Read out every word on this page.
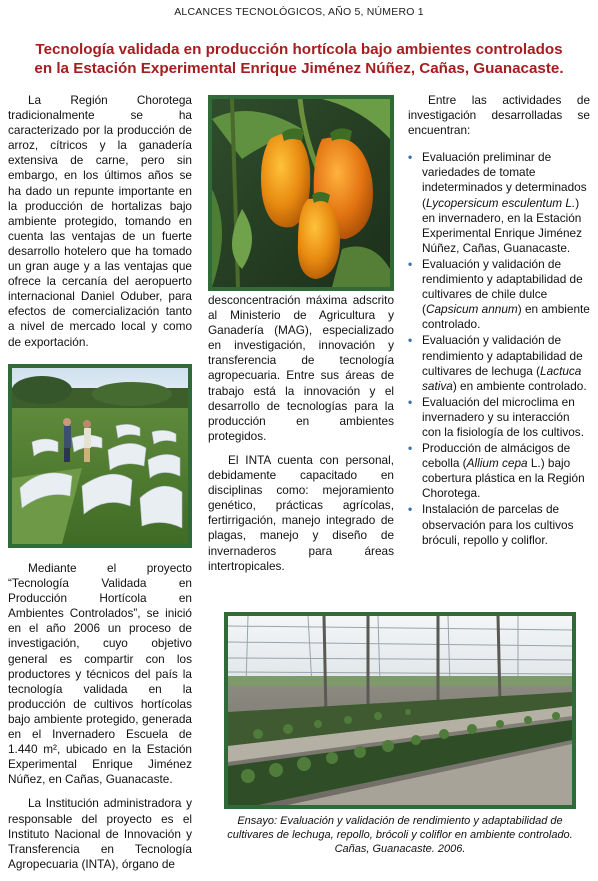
ALCANCES TECNOLÓGICOS, AÑO 5, NÚMERO 1
Tecnología validada en producción hortícola bajo ambientes controlados
en la Estación Experimental Enrique Jiménez Núñez, Cañas, Guanacaste.

La Región Chorotega tradicionalmente se ha caracterizado por la producción de arroz, cítricos y la ganadería extensiva de carne, pero sin embargo, en los últimos años se ha dado un repunte importante en la producción de hortalizas bajo ambiente protegido, tomando en cuenta las ventajas de un fuerte desarrollo hotelero que ha tomado un gran auge y a las ventajas que ofrece la cercanía del aeropuerto internacional Daniel Oduber, para efectos de comercialización tanto a nivel de mercado local y como de exportación.

Mediante el proyecto “Tecnología Validada en Producción Hortícola en Ambientes Controlados”, se inició en el año 2006 un proceso de investigación, cuyo objetivo general es compartir con los productores y técnicos del país la tecnología validada en la producción de cultivos hortícolas bajo ambiente protegido, generada en el Invernadero Escuela de 1.440 m², ubicado en la Estación Experimental Enrique Jiménez Núñez, en Cañas, Guanacaste.

La Institución administradora y responsable del proyecto es el Instituto Nacional de Innovación y Transferencia en Tecnología Agropecuaria (INTA), órgano de

desconcentración máxima adscrito al Ministerio de Agricultura y Ganadería (MAG), especializado en investigación, innovación y transferencia de tecnología agropecuaria. Entre sus áreas de trabajo está la innovación y el desarrollo de tecnologías para la producción en ambientes protegidos.

El INTA cuenta con personal, debidamente capacitado en disciplinas como: mejoramiento genético, prácticas agrícolas, fertirrigación, manejo integrado de plagas, manejo y diseño de invernaderos para áreas intertropicales.

Entre las actividades de investigación desarrolladas se encuentran:

• Evaluación preliminar de variedades de tomate indeterminados y determinados (Lycopersicum esculentum L.) en invernadero, en la Estación Experimental Enrique Jiménez Núñez, Cañas, Guanacaste.
• Evaluación y validación de rendimiento y adaptabilidad de cultivares de chile dulce (Capsicum annum) en ambiente controlado.
• Evaluación y validación de rendimiento y adaptabilidad de cultivares de lechuga (Lactuca sativa) en ambiente controlado.
• Evaluación del microclima en invernadero y su interacción con la fisiología de los cultivos.
• Producción de almácigos de cebolla (Allium cepa L.) bajo cobertura plástica en la Región Chorotega.
• Instalación de parcelas de observación para los cultivos bróculi, repollo y coliflor.
Ensayo: Evaluación y validación de rendimiento y adaptabilidad de cultivares de lechuga, repollo, brócoli y coliflor en ambiente controlado. Cañas, Guanacaste. 2006.
